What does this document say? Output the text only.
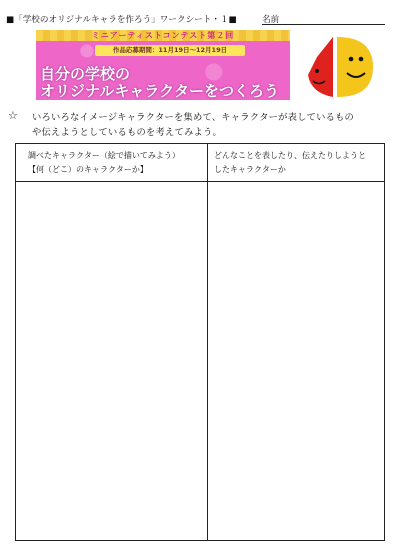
■「学校のオリジナルキャラを作ろう」ワークシート・１■	名前
ミニアーティストコンテスト第２回
作品応募期間：11月19日〜12月19日
自分の学校の
オリジナルキャラクターをつくろう
☆ いろいろなイメージキャラクターを集めて、キャラクターが表しているもの
や伝えようとしているものを考えてみよう。
調べたキャラクター（絵で描いてみよう）
【何（どこ）のキャラクターか】
どんなことを表したり、伝えたりしようと
したキャラクターか
